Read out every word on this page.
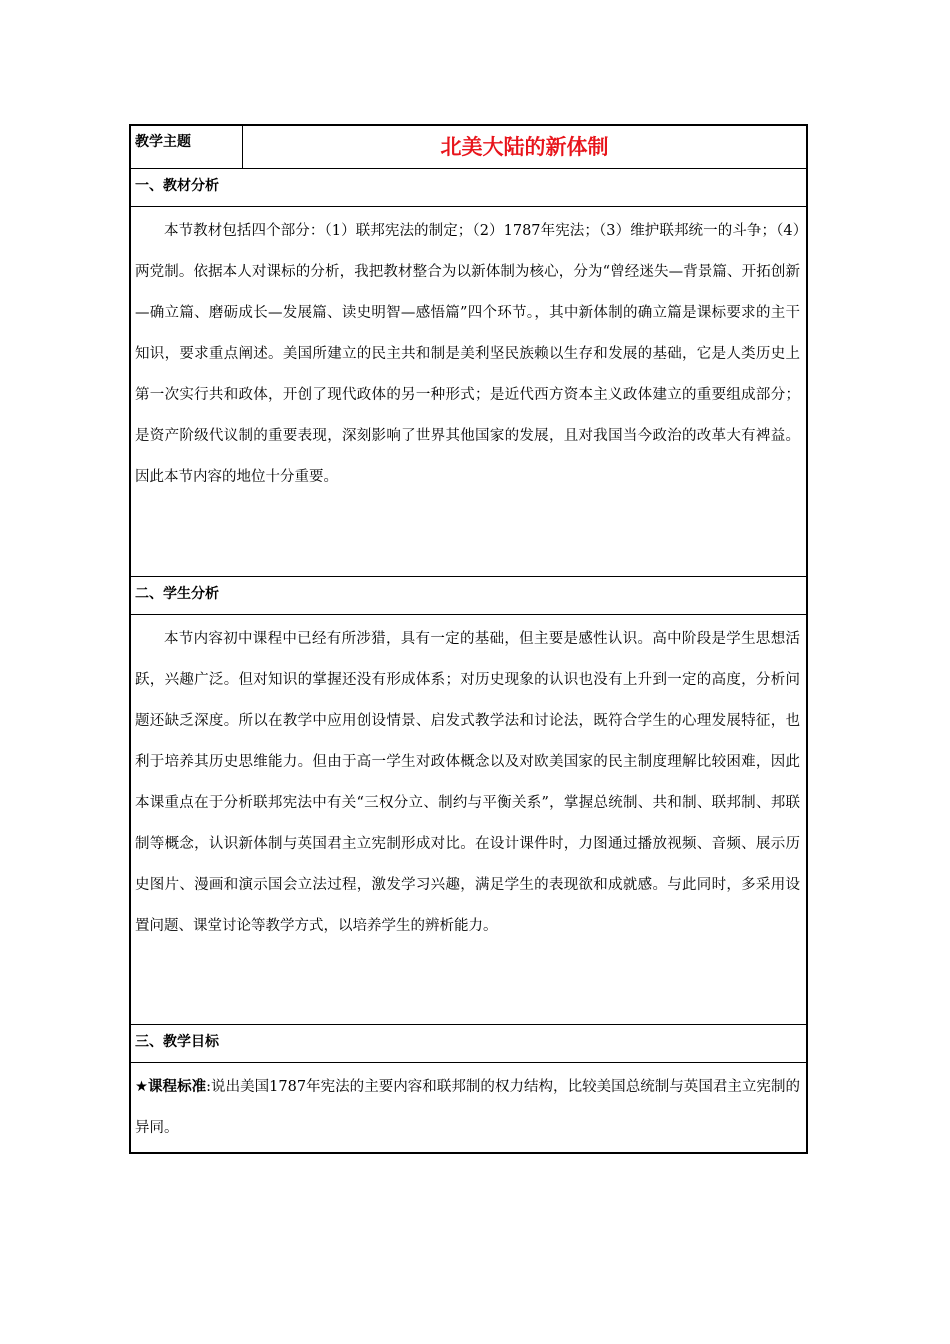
教学主题	北美大陆的新体制
一、教材分析
本节教材包括四个部分：（1）联邦宪法的制定；（2）1787年宪法；（3）维护联邦统一的斗争；（4）两党制。依据本人对课标的分析，我把教材整合为以新体制为核心，分为“曾经迷失—背景篇、开拓创新—确立篇、磨砺成长—发展篇、读史明智—感悟篇”四个环节。，其中新体制的确立篇是课标要求的主干知识，要求重点阐述。美国所建立的民主共和制是美利坚民族赖以生存和发展的基础，它是人类历史上第一次实行共和政体，开创了现代政体的另一种形式；是近代西方资本主义政体建立的重要组成部分；是资产阶级代议制的重要表现，深刻影响了世界其他国家的发展，且对我国当今政治的改革大有裨益。因此本节内容的地位十分重要。
二、学生分析
本节内容初中课程中已经有所涉猎，具有一定的基础，但主要是感性认识。高中阶段是学生思想活跃，兴趣广泛。但对知识的掌握还没有形成体系；对历史现象的认识也没有上升到一定的高度，分析问题还缺乏深度。所以在教学中应用创设情景、启发式教学法和讨论法，既符合学生的心理发展特征，也利于培养其历史思维能力。但由于高一学生对政体概念以及对欧美国家的民主制度理解比较困难，因此本课重点在于分析联邦宪法中有关“三权分立、制约与平衡关系”，掌握总统制、共和制、联邦制、邦联制等概念，认识新体制与英国君主立宪制形成对比。在设计课件时，力图通过播放视频、音频、展示历史图片、漫画和演示国会立法过程，激发学习兴趣，满足学生的表现欲和成就感。与此同时，多采用设置问题、课堂讨论等教学方式，以培养学生的辨析能力。
三、教学目标
★课程标准:说出美国1787年宪法的主要内容和联邦制的权力结构，比较美国总统制与英国君主立宪制的异同。
